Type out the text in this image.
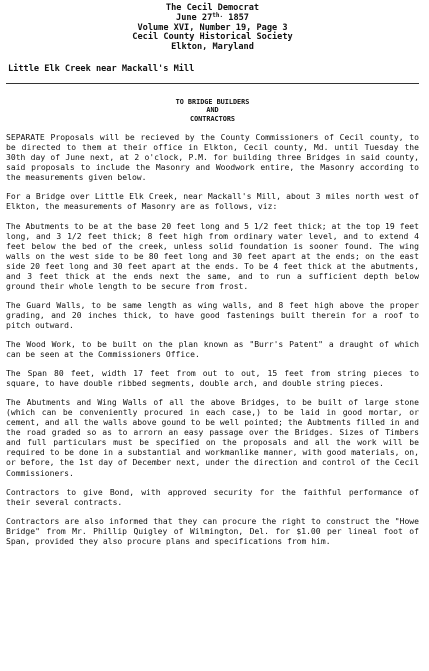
The Cecil Democrat
June $27^{th.}$ 1857
Volume XVI, Number 19, Page 3
Cecil County Historical Society
Elkton, Maryland
Little Elk Creek near Mackall's Mill
TO BRIDGE BUILDERS
AND
CONTRACTORS

SEPARATE Proposals will be recieved by the County Commissioners of Cecil county, to be directed to them at their office in Elkton, Cecil county, Md. until Tuesday the 30th day of June next, at 2 o'clock, P.M. for building three Bridges in said county, said proposals to include the Masonry and Woodwork entire, the Masonry according to the measurements given below.

For a Bridge over Little Elk Creek, near Mackall's Mill, about 3 miles north west of Elkton, the measurements of Masonry are as follows, viz:

The Abutments to be at the base 20 feet long and 5 1/2 feet thick; at the top 19 feet long, and 3 1/2 feet thick; 8 feet high from ordinary water level, and to extend 4 feet below the bed of the creek, unless solid foundation is sooner found. The wing walls on the west side to be 80 feet long and 30 feet apart at the ends; on the east side 20 feet long and 30 feet apart at the ends. To be 4 feet thick at the abutments, and 3 feet thick at the ends next the same, and to run a sufficient depth below ground their whole length to be secure from frost.

The Guard Walls, to be same length as wing walls, and 8 feet high above the proper grading, and 20 inches thick, to have good fastenings built therein for a roof to pitch outward.

The Wood Work, to be built on the plan known as "Burr's Patent" a draught of which can be seen at the Commissioners Office.

The Span 80 feet, width 17 feet from out to out, 15 feet from string pieces to square, to have double ribbed segments, double arch, and double string pieces.

The Abutments and Wing Walls of all the above Bridges, to be built of large stone (which can be conveniently procured in each case,) to be laid in good mortar, or cement, and all the walls above gound to be well pointed; the Aubtments filled in and the road graded so as to arrorn an easy passage over the Bridges. Sizes of Timbers and full particulars must be specified on the proposals and all the work will be required to be done in a substantial and workmanlike manner, with good materials, on, or before, the 1st day of December next, under the direction and control of the Cecil Commissioners.

Contractors to give Bond, with approved security for the faithful performance of their several contracts.

Contractors are also informed that they can procure the right to construct the "Howe Bridge" from Mr. Phillip Quigley of Wilmington, Del. for $1.00 per lineal foot of Span, provided they also procure plans and specifications from him.
